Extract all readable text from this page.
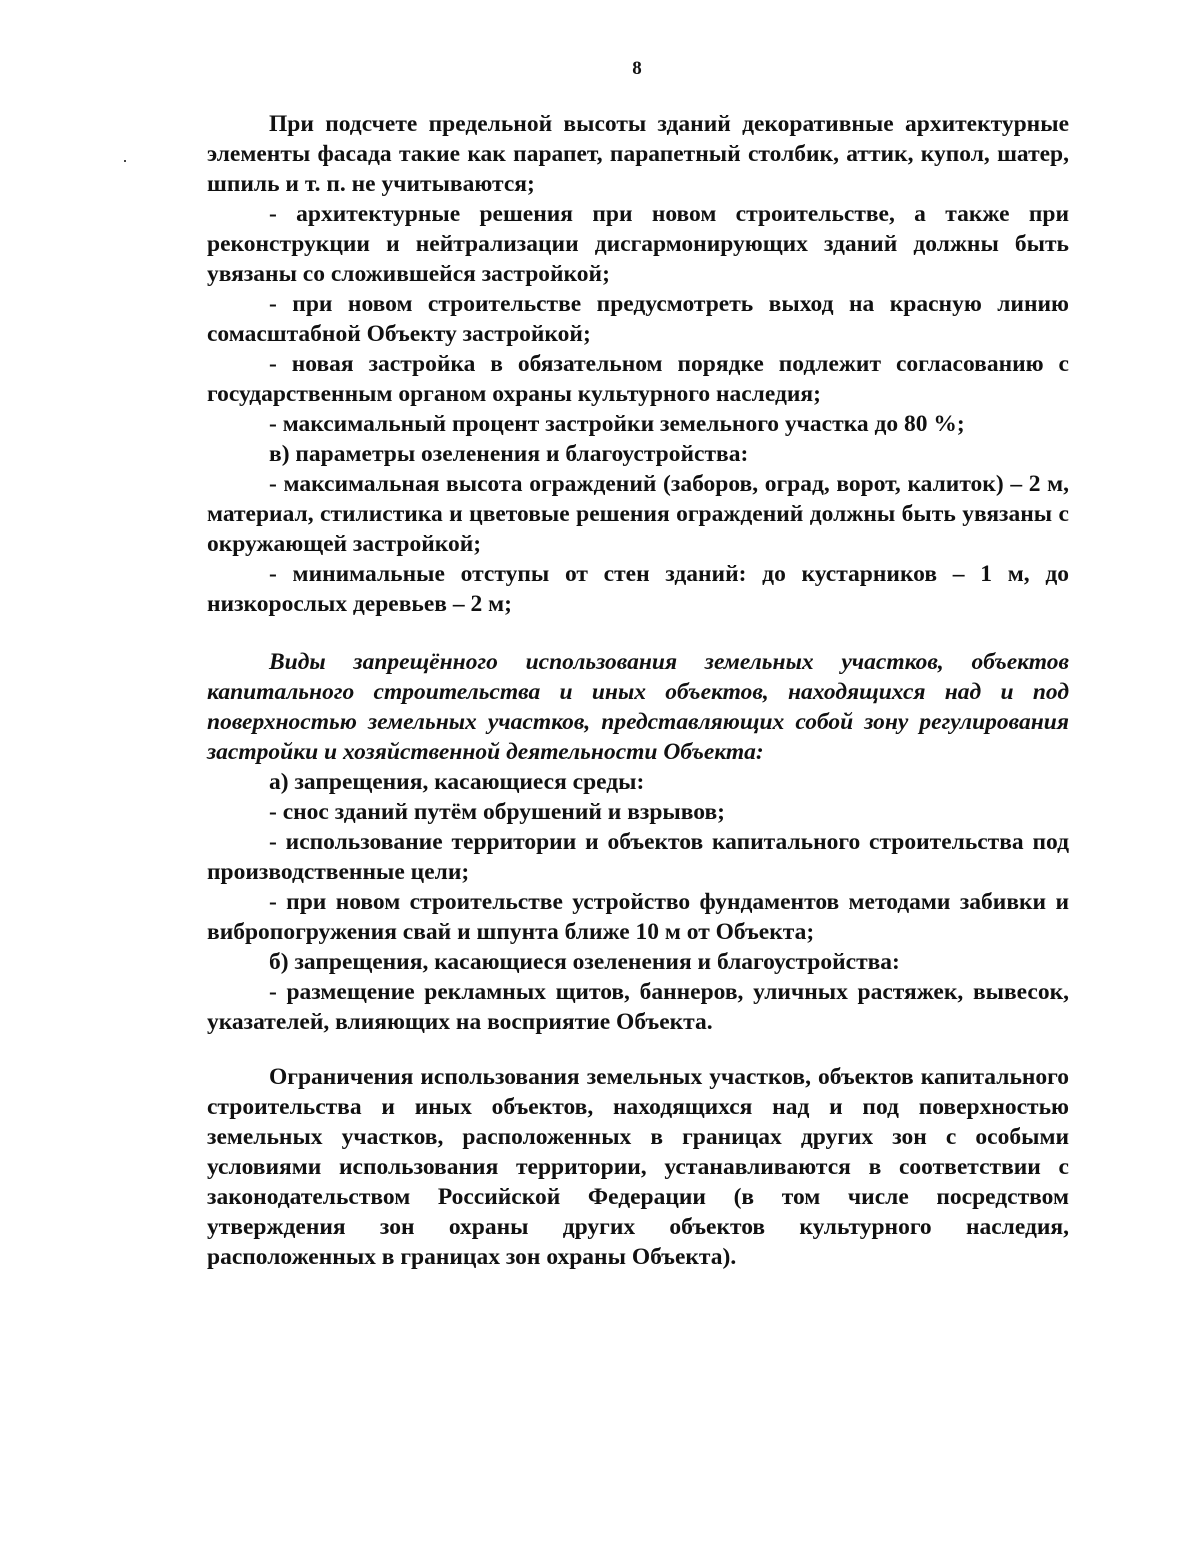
8

При подсчете предельной высоты зданий декоративные архитектурные элементы фасада такие как парапет, парапетный столбик, аттик, купол, шатер, шпиль и т. п. не учитываются;

- архитектурные решения при новом строительстве, а также при реконструкции и нейтрализации дисгармонирующих зданий должны быть увязаны со сложившейся застройкой;

- при новом строительстве предусмотреть выход на красную линию сомасштабной Объекту застройкой;

- новая застройка в обязательном порядке подлежит согласованию с государственным органом охраны культурного наследия;

- максимальный процент застройки земельного участка до 80 %;

в) параметры озеленения и благоустройства:

- максимальная высота ограждений (заборов, оград, ворот, калиток) – 2 м, материал, стилистика и цветовые решения ограждений должны быть увязаны с окружающей застройкой;

- минимальные отступы от стен зданий: до кустарников – 1 м, до низкорослых деревьев – 2 м;

Виды запрещённого использования земельных участков, объектов капитального строительства и иных объектов, находящихся над и под поверхностью земельных участков, представляющих собой зону регулирования застройки и хозяйственной деятельности Объекта:

а) запрещения, касающиеся среды:

- снос зданий путём обрушений и взрывов;

- использование территории и объектов капитального строительства под производственные цели;

- при новом строительстве устройство фундаментов методами забивки и вибропогружения свай и шпунта ближе 10 м от Объекта;

б) запрещения, касающиеся озеленения и благоустройства:

- размещение рекламных щитов, баннеров, уличных растяжек, вывесок, указателей, влияющих на восприятие Объекта.

Ограничения использования земельных участков, объектов капитального строительства и иных объектов, находящихся над и под поверхностью земельных участков, расположенных в границах других зон с особыми условиями использования территории, устанавливаются в соответствии с законодательством Российской Федерации (в том числе посредством утверждения зон охраны других объектов культурного наследия, расположенных в границах зон охраны Объекта).
